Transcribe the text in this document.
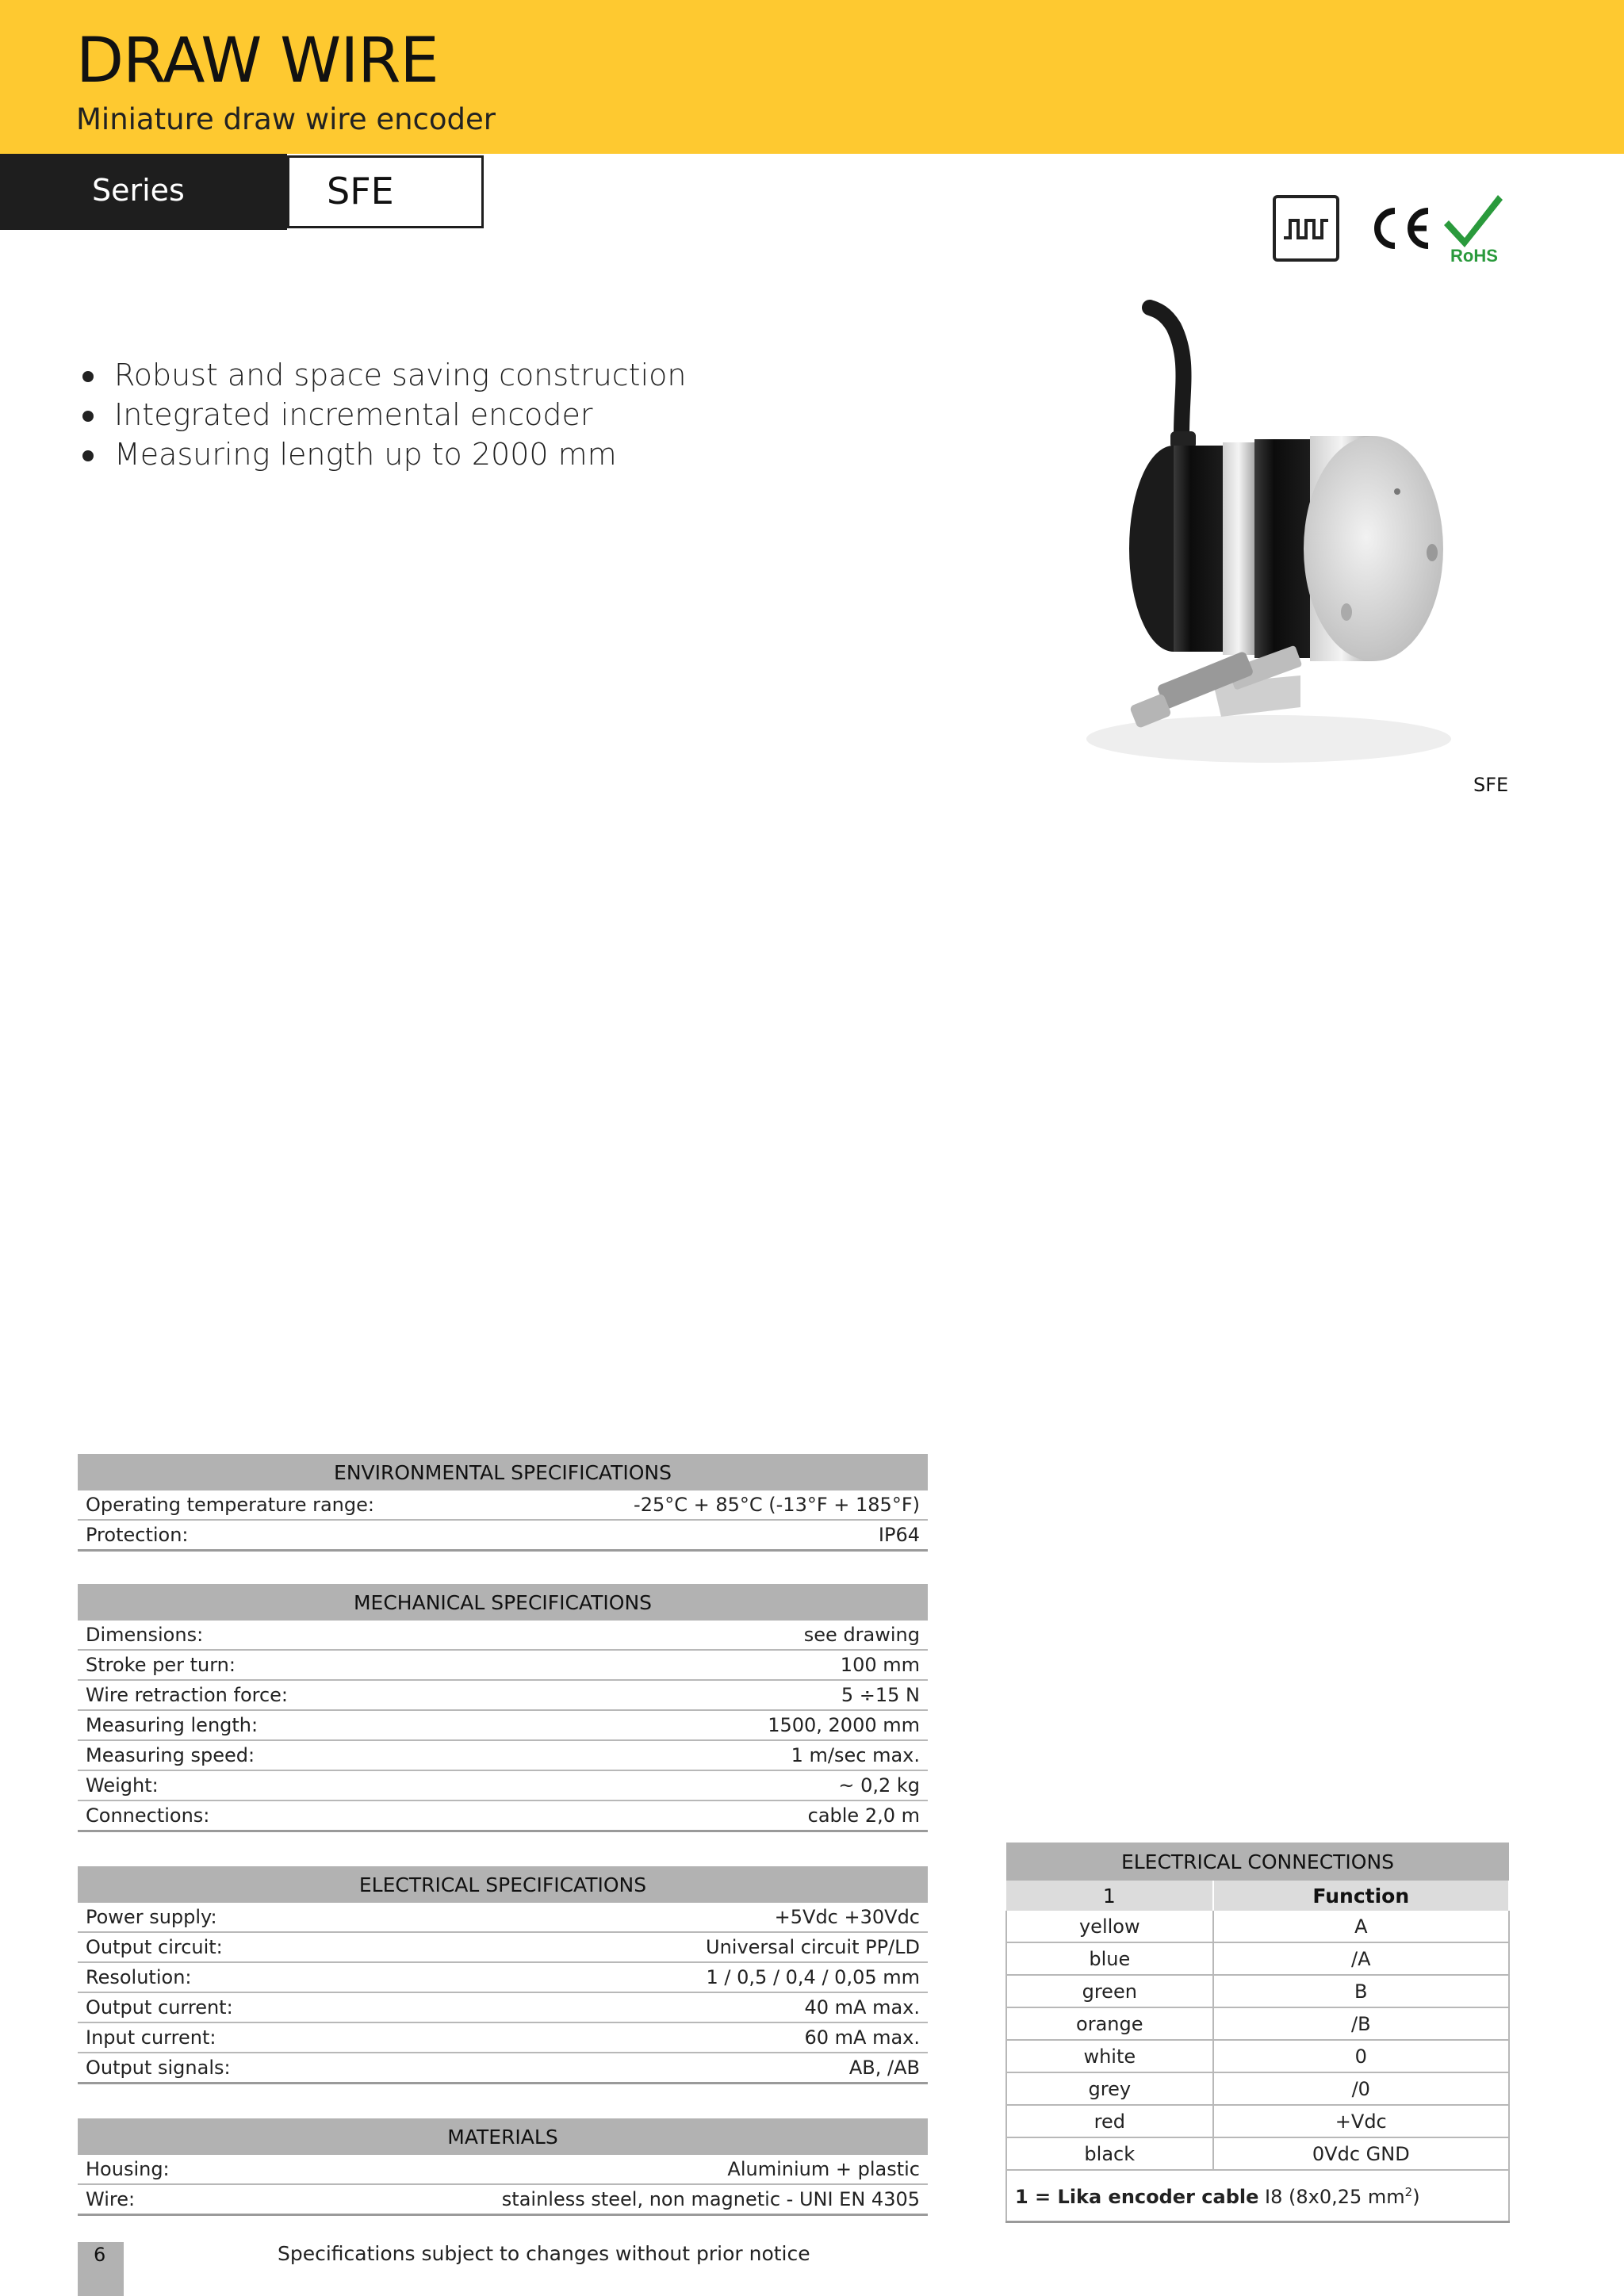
DRAW WIRE
Miniature draw wire encoder
Series	SFE
RoHS
Robust and space saving construction
Integrated incremental encoder
Measuring length up to 2000 mm
SFE
ENVIRONMENTAL SPECIFICATIONS	
Operating temperature range:	-25°C + 85°C (-13°F + 185°F)
Protection:	IP64
MECHANICAL SPECIFICATIONS	
Dimensions:	see drawing
Stroke per turn:	100 mm
Wire retraction force:	5 ÷15 N
Measuring length:	1500, 2000 mm
Measuring speed:	1 m/sec max.
Weight:	~ 0,2 kg
Connections:	cable 2,0 m
ELECTRICAL SPECIFICATIONS	
Power supply:	+5Vdc +30Vdc
Output circuit:	Universal circuit PP/LD
Resolution:	1 / 0,5 / 0,4 / 0,05 mm
Output current:	40 mA max.
Input current:	60 mA max.
Output signals:	AB, /AB
MATERIALS	
Housing:	Aluminium + plastic
Wire:	stainless steel, non magnetic - UNI EN 4305
ELECTRICAL CONNECTIONS	
1	Function
yellow	A
blue	/A
green	B
orange	/B
white	0
grey	/0
red	+Vdc
black	0Vdc GND
1 = Lika encoder cable I8 (8x0,25 $mm^2$)	
6	Specifications subject to changes without prior notice
